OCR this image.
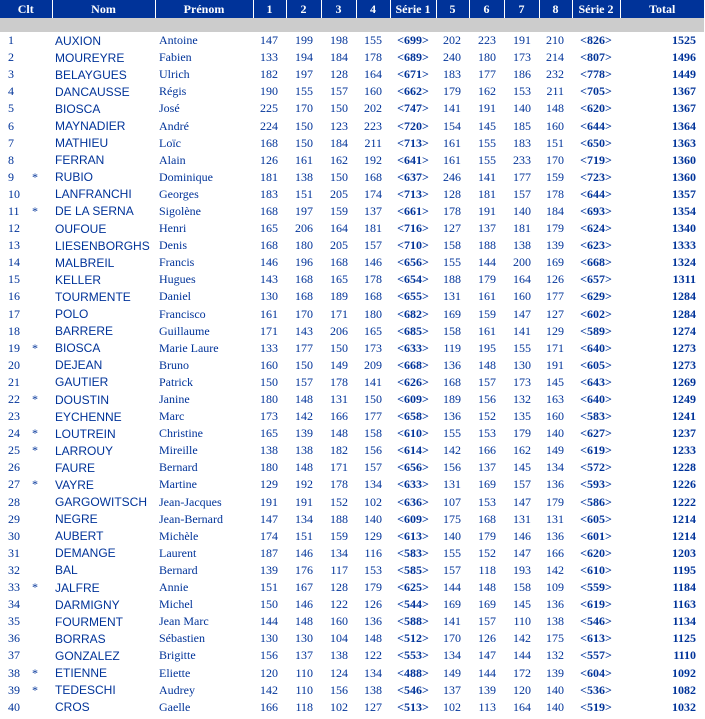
Clt		Nom	Prénom	1	2	3	4	Série 1	5	6	7	8	Série 2	Total

1		AUXION	Antoine	147	199	198	155	<699>	202	223	191	210	<826>	1525
2		MOUREYRE	Fabien	133	194	184	178	<689>	240	180	173	214	<807>	1496
3		BELAYGUES	Ulrich	182	197	128	164	<671>	183	177	186	232	<778>	1449
4		DANCAUSSE	Régis	190	155	157	160	<662>	179	162	153	211	<705>	1367
5		BIOSCA	José	225	170	150	202	<747>	141	191	140	148	<620>	1367
6		MAYNADIER	André	224	150	123	223	<720>	154	145	185	160	<644>	1364
7		MATHIEU	Loïc	168	150	184	211	<713>	161	155	183	151	<650>	1363
8		FERRAN	Alain	126	161	162	192	<641>	161	155	233	170	<719>	1360
9	*	RUBIO	Dominique	181	138	150	168	<637>	246	141	177	159	<723>	1360
10		LANFRANCHI	Georges	183	151	205	174	<713>	128	181	157	178	<644>	1357
11	*	DE LA SERNA	Sigolène	168	197	159	137	<661>	178	191	140	184	<693>	1354
12		OUFOUE	Henri	165	206	164	181	<716>	127	137	181	179	<624>	1340
13		LIESENBORGHS	Denis	168	180	205	157	<710>	158	188	138	139	<623>	1333
14		MALBREIL	Francis	146	196	168	146	<656>	155	144	200	169	<668>	1324
15		KELLER	Hugues	143	168	165	178	<654>	188	179	164	126	<657>	1311
16		TOURMENTE	Daniel	130	168	189	168	<655>	131	161	160	177	<629>	1284
17		POLO	Francisco	161	170	171	180	<682>	169	159	147	127	<602>	1284
18		BARRERE	Guillaume	171	143	206	165	<685>	158	161	141	129	<589>	1274
19	*	BIOSCA	Marie Laure	133	177	150	173	<633>	119	195	155	171	<640>	1273
20		DEJEAN	Bruno	160	150	149	209	<668>	136	148	130	191	<605>	1273
21		GAUTIER	Patrick	150	157	178	141	<626>	168	157	173	145	<643>	1269
22	*	DOUSTIN	Janine	180	148	131	150	<609>	189	156	132	163	<640>	1249
23		EYCHENNE	Marc	173	142	166	177	<658>	136	152	135	160	<583>	1241
24	*	LOUTREIN	Christine	165	139	148	158	<610>	155	153	179	140	<627>	1237
25	*	LARROUY	Mireille	138	138	182	156	<614>	142	166	162	149	<619>	1233
26		FAURE	Bernard	180	148	171	157	<656>	156	137	145	134	<572>	1228
27	*	VAYRE	Martine	129	192	178	134	<633>	131	169	157	136	<593>	1226
28		GARGOWITSCH	Jean-Jacques	191	191	152	102	<636>	107	153	147	179	<586>	1222
29		NEGRE	Jean-Bernard	147	134	188	140	<609>	175	168	131	131	<605>	1214
30		AUBERT	Michèle	174	151	159	129	<613>	140	179	146	136	<601>	1214
31		DEMANGE	Laurent	187	146	134	116	<583>	155	152	147	166	<620>	1203
32		BAL	Bernard	139	176	117	153	<585>	157	118	193	142	<610>	1195
33	*	JALFRE	Annie	151	167	128	179	<625>	144	148	158	109	<559>	1184
34		DARMIGNY	Michel	150	146	122	126	<544>	169	169	145	136	<619>	1163
35		FOURMENT	Jean Marc	144	148	160	136	<588>	141	157	110	138	<546>	1134
36		BORRAS	Sébastien	130	130	104	148	<512>	170	126	142	175	<613>	1125
37		GONZALEZ	Brigitte	156	137	138	122	<553>	134	147	144	132	<557>	1110
38	*	ETIENNE	Eliette	120	110	124	134	<488>	149	144	172	139	<604>	1092
39	*	TEDESCHI	Audrey	142	110	156	138	<546>	137	139	120	140	<536>	1082
40		CROS	Gaelle	166	118	102	127	<513>	102	113	164	140	<519>	1032
